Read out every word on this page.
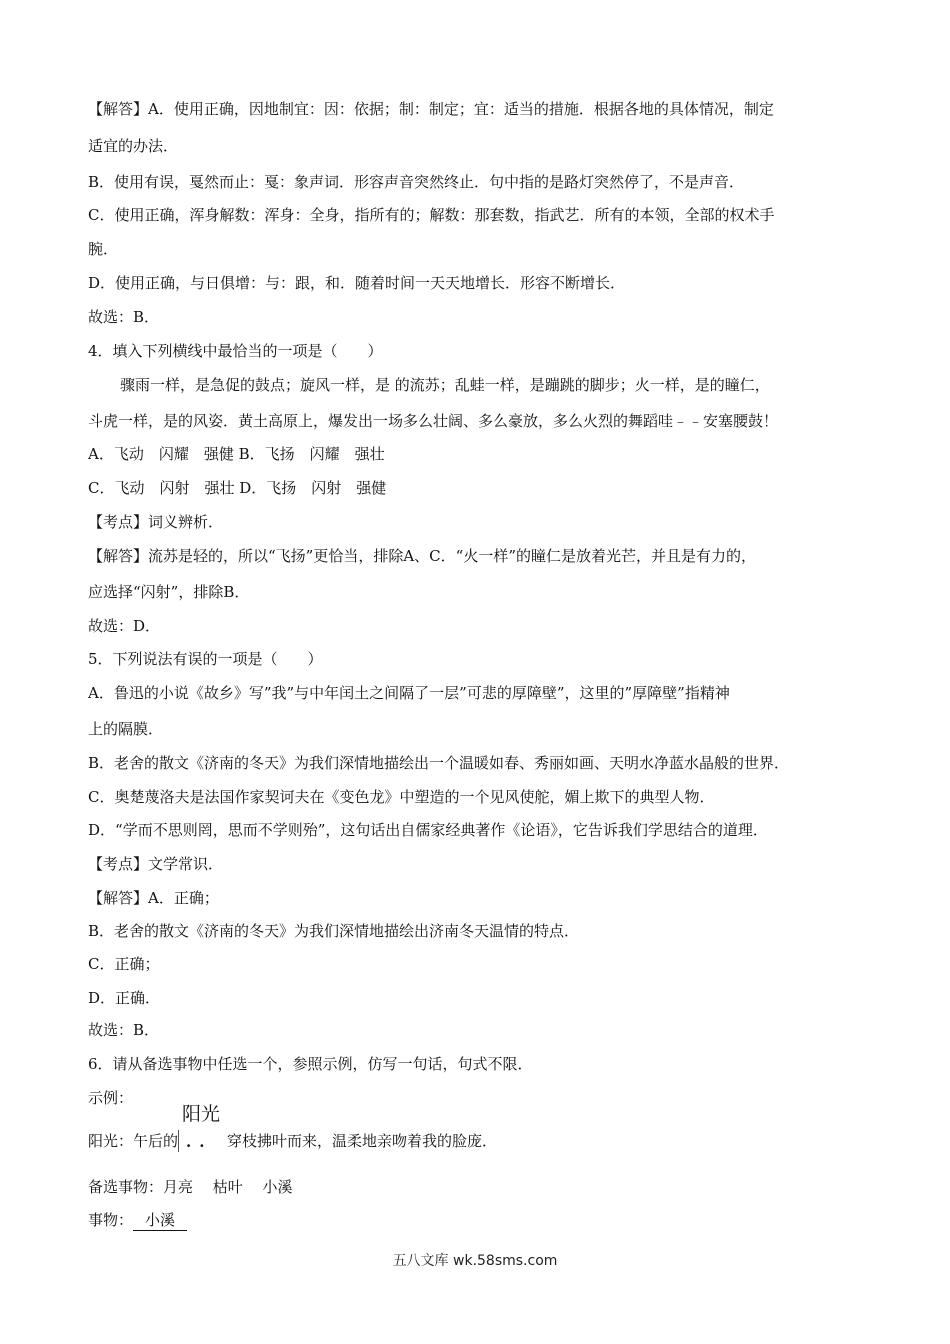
【解答】A．使用正确，因地制宜：因：依据；制：制定；宜：适当的措施．根据各地的具体情况，制定
适宜的办法．
B．使用有误，戛然而止：戛：象声词．形容声音突然终止．句中指的是路灯突然停了，不是声音．
C．使用正确，浑身解数：浑身：全身，指所有的；解数：那套数，指武艺．所有的本领，全部的权术手
腕．
D．使用正确，与日俱增：与：跟，和．随着时间一天天地增长．形容不断增长．
故选：B．
4．填入下列横线中最恰当的一项是（　　）
骤雨一样，是急促的鼓点；旋风一样，是 的流苏；乱蛙一样，是蹦跳的脚步；火一样，是的瞳仁，
斗虎一样，是的风姿．黄土高原上，爆发出一场多么壮阔、多么豪放，多么火烈的舞蹈哇﹣﹣安塞腰鼓！
A．飞动　闪耀　强健 B．飞扬　闪耀　强壮
C．飞动　闪射　强壮 D．飞扬　闪射　强健
【考点】词义辨析．
【解答】流苏是轻的，所以“飞扬”更恰当，排除A、C．“火一样”的瞳仁是放着光芒，并且是有力的，
应选择“闪射”，排除B．
故选：D．
5．下列说法有误的一项是（　　）
A．鲁迅的小说《故乡》写”我”与中年闰土之间隔了一层”可悲的厚障壁”，这里的”厚障壁”指精神
上的隔膜．
B．老舍的散文《济南的冬天》为我们深情地描绘出一个温暖如春、秀丽如画、天明水净蓝水晶般的世界．
C．奥楚蔑洛夫是法国作家契诃夫在《变色龙》中塑造的一个见风使舵，媚上欺下的典型人物．
D．“学而不思则罔，思而不学则殆”，这句话出自儒家经典著作《论语》，它告诉我们学思结合的道理．
【考点】文学常识．
【解答】A．正确；
B．老舍的散文《济南的冬天》为我们深情地描绘出济南冬天温情的特点．
C．正确；
D．正确．
故选：B．
6．请从备选事物中任选一个，参照示例，仿写一句话，句式不限．
示例：
阳光：午后的
阳光
.. 穿枝拂叶而来，温柔地亲吻着我的脸庞．
备选事物：月亮　 枯叶　 小溪
事物： 小溪
五八文库 wk.58sms.com
